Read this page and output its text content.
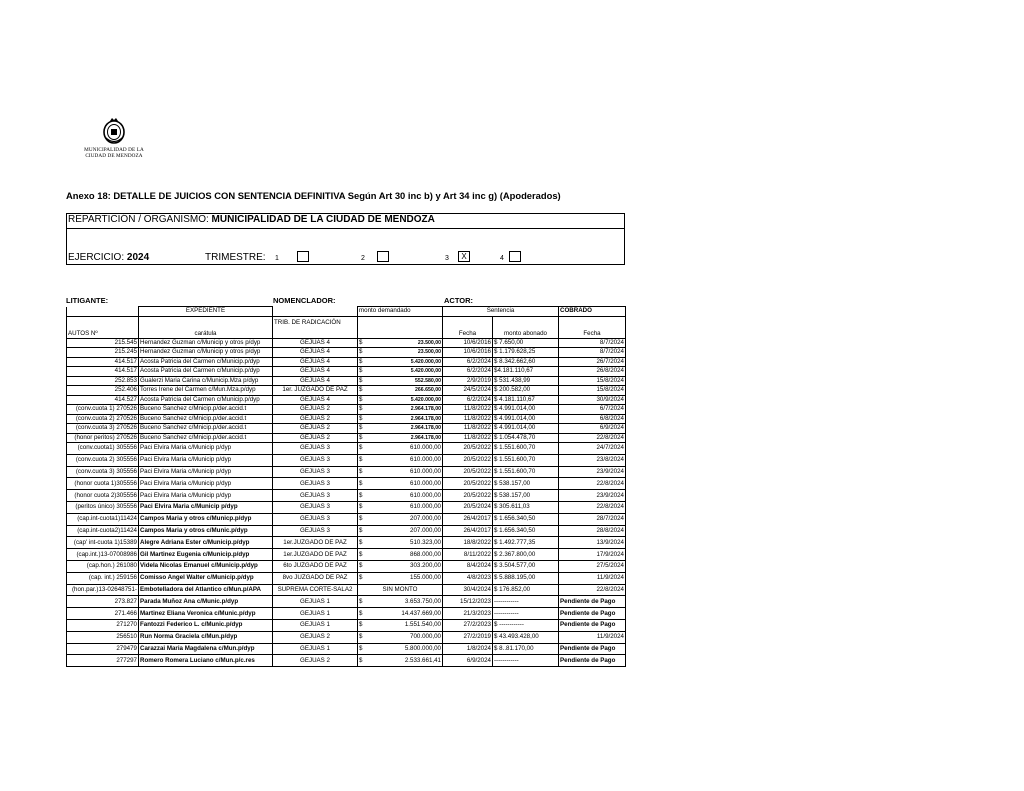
MUNICIPALIDAD DE LA
CIUDAD DE MENDOZA
Anexo 18: DETALLE DE JUICIOS CON SENTENCIA DEFINITIVA Según Art 30 inc b) y Art 34 inc g) (Apoderados)
REPARTICIÓN / ORGANISMO: MUNICIPALIDAD DE LA CIUDAD DE MENDOZA
EJERCICIO: 2024	TRIMESTRE: 1	2	3	X	4
LITIGANTE:	NOMENCLADOR:	ACTOR:
	EXPEDIENTE		monto demandado	Sentencia		COBRADO
AUTOS Nº	carátula	TRIB. DE RADICACIÓN		Fecha	monto abonado	Fecha
215.545	Hernandez Guzman c/Municip y otros p/dyp	GEJUAS 4	$ 23.500,00	10/6/2016	$ 7.650,00	8/7/2024
215.245	Hernandez Guzman c/Municip y otros p/dyp	GEJUAS 4	$ 23.500,00	10/6/2016	$ 1.179.628,25	8/7/2024
414.517	Acosta Patricia del Carmen c/Municip.p/dyp	GEJUAS 4	$ 5.420.000,00	6/2/2024	$ 8.342.662,60	26/7/2024
414.517	Acosta Patricia del Carmen c/Municip.p/dyp	GEJUAS 4	$ 5.420.000,00	6/2/2024	$4.181.110,67	26/8/2024
252.853	Gualerzi Maria Carina c/Municip.Mza p/dyp	GEJUAS 4	$ 552.580,00	2/9/2019	$ 531.438,99	15/8/2024
252.406	Torres Irene del Carmen c/Mun.Mza.p/dyp	1er. JUZGADO DE PAZ	$ 266.650,00	24/5/2024	$ 200.582,00	15/8/2024
414.527	Acosta Patricia del Carmen c/Municip.p/dyp	GEJUAS 4	$ 5.420.000,00	6/2/2024	$ 4.181.110,67	30/9/2024
(conv.cuota 1) 270526	Buceno Sanchez c/Mnicip.p/der.accid.t	GEJUAS 2	$ 2.964.178,00	11/8/2022	$ 4.991.014,00	6/7/2024
(conv.cuota 2) 270526	Buceno Sanchez c/Mnicip.p/der.accid.t	GEJUAS 2	$ 2.964.178,00	11/8/2022	$ 4.991.014,00	6/8/2024
(conv.cuota 3) 270526	Buceno Sanchez c/Mnicip.p/der.accid.t	GEJUAS 2	$ 2.964.178,00	11/8/2022	$ 4.991.014,00	6/9/2024
(honor peritos) 270526	Buceno Sanchez c/Mnicip.p/der.accid.t	GEJUAS 2	$ 2.964.178,00	11/8/2022	$ 1.054.478,70	22/8/2024
(conv.cuota1) 305556	Paci Elvira Maria c/Municip p/dyp	GEJUAS 3	$ 610.000,00	20/5/2022	$ 1.551.600,70	24/7/2024
(conv.cuota 2) 305556	Paci Elvira Maria c/Municip p/dyp	GEJUAS 3	$ 610.000,00	20/5/2022	$ 1.551.600,70	23/8/2024
(conv.cuota 3) 305556	Paci Elvira Maria c/Municip p/dyp	GEJUAS 3	$ 610.000,00	20/5/2022	$ 1.551.600,70	23/9/2024
(honor cuota 1)305556	Paci Elvira Maria c/Municip p/dyp	GEJUAS 3	$ 610.000,00	20/5/2022	$ 538.157,00	22/8/2024
(honor cuota 2)305556	Paci Elvira Maria c/Municip p/dyp	GEJUAS 3	$ 610.000,00	20/5/2022	$ 538.157,00	23/9/2024
(peritos único) 305556	Paci Elvira Maria c/Municip p/dyp	GEJUAS 3	$ 610.000,00	20/5/2024	$ 305.611,03	22/8/2024
(cap.int-cuota1)11424	Campos Maria y otros c/Municp.p/dyp	GEJUAS 3	$ 207.000,00	26/4/2017	$ 1.656.340,50	28/7/2024
(cap.int-cuota2)11424	Campos Maria y otros c/Munic.p/dyp	GEJUAS 3	$ 207.000,00	26/4/2017	$ 1.656.340,50	28/8/2024
(cap' int-cuota 1)15389	Alegre Adriana Ester c/Municip.p/dyp	1er.JUZGADO DE PAZ	$ 510.323,00	18/8/2022	$ 1.492.777,35	13/9/2024
(cap.int.)13-07008986	Gil Martinez Eugenia c/Municip.p/dyp	1er.JUZGADO DE PAZ	$ 868.000,00	8/11/2022	$ 2.367.800,00	17/9/2024
(cap.hon.) 261080	Videla Nicolas Emanuel c/Municip.p/dyp	6to JUZGADO DE PAZ	$ 303.200,00	8/4/2024	$ 3.504.577,00	27/5/2024
(cap. int.) 259156	Comisso Angel Walter c/Municip.p/dyp	8vo JUZGADO DE PAZ	$ 155.000,00	4/8/2023	$ 5.888.195,00	11/9/2024
(hon.par.)13-02648751-	Embotelladora del Atlantico c/Mun.p/APA	SUPREMA CORTE-SALA2	SIN MONTO	30/4/2024	$ 176.852,00	22/8/2024
273.827	Parada Muñoz Ana c/Munic.p/dyp	GEJUAS 1	$ 3.653.750,00	15/12/2023	------------	Pendiente de Pago
271.466	Martinez Eliana Veronica c/Munic.p/dyp	GEJUAS 1	$ 14.437.669,00	21/3/2023	------------	Pendiente de Pago
271270	Fantozzi Federico L. c/Munic.p/dyp	GEJUAS 1	$ 1.551.540,00	27/2/2023	$ ------------	Pendiente de Pago
256510	Run Norma Graciela c/Mun.p/dyp	GEJUAS 2	$ 700.000,00	27/2/2019	$ 43.493.428,00	11/9/2024
279479	Carazzai Maria Magdalena c/Mun.p/dyp	GEJUAS 1	$ 5.800.000,00	1/8/2024	$ 8..81.170,00	Pendiente de Pago
277297	Romero Romera Luciano c/Mun.p/c.res	GEJUAS 2	$ 2.533.661,41	6/9/2024	------------	Pendiente de Pago
